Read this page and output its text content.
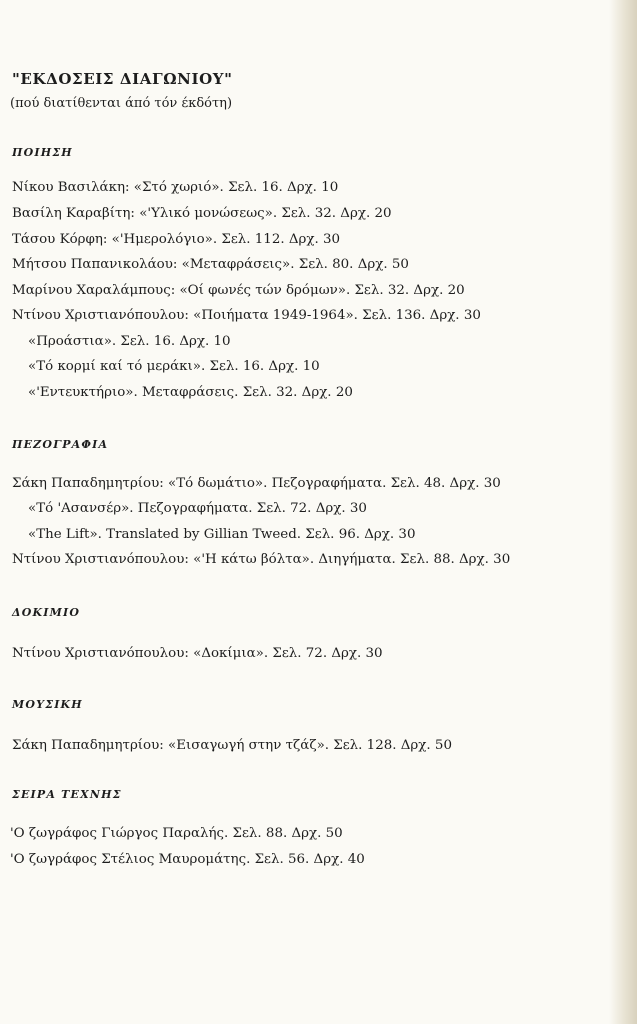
"ΕΚΔΟΣΕΙΣ ΔΙΑΓΩΝΙΟΥ"
(πού διατίθενται άπό τόν έκδότη)
ΠΟΙΗΣΗ
Νίκου Βασιλάκη: «Στό χωριό». Σελ. 16. Δρχ. 10
Βασίλη Καραβίτη: «'Υλικό μονώσεως». Σελ. 32. Δρχ. 20
Τάσου Κόρφη: «'Ημερολόγιο». Σελ. 112. Δρχ. 30
Μήτσου Παπανικολάου: «Μεταφράσεις». Σελ. 80. Δρχ. 50
Μαρίνου Χαραλάμπους: «Οί φωνές τών δρόμων». Σελ. 32. Δρχ. 20
Ντίνου Χριστιανόπουλου: «Ποιήματα 1949-1964». Σελ. 136. Δρχ. 30
«Προάστια». Σελ. 16. Δρχ. 10
«Τό κορμί καί τό μεράκι». Σελ. 16. Δρχ. 10
«'Εντευκτήριο». Μεταφράσεις. Σελ. 32. Δρχ. 20
ΠΕΖΟΓΡΑΦΙΑ
Σάκη Παπαδημητρίου: «Τό δωμάτιο». Πεζογραφήματα. Σελ. 48. Δρχ. 30
«Τό 'Ασανσέρ». Πεζογραφήματα. Σελ. 72. Δρχ. 30
«The Lift». Translated by Gillian Tweed. Σελ. 96. Δρχ. 30
Ντίνου Χριστιανόπουλου: «'Η κάτω βόλτα». Διηγήματα. Σελ. 88. Δρχ. 30
ΔΟΚΙΜΙΟ
Ντίνου Χριστιανόπουλου: «Δοκίμια». Σελ. 72. Δρχ. 30
ΜΟΥΣΙΚΗ
Σάκη Παπαδημητρίου: «Εισαγωγή στην τζάζ». Σελ. 128. Δρχ. 50
ΣΕΙΡΑ ΤΕΧΝΗΣ
'Ο ζωγράφος Γιώργος Παραλής. Σελ. 88. Δρχ. 50
'Ο ζωγράφος Στέλιος Μαυρομάτης. Σελ. 56. Δρχ. 40
